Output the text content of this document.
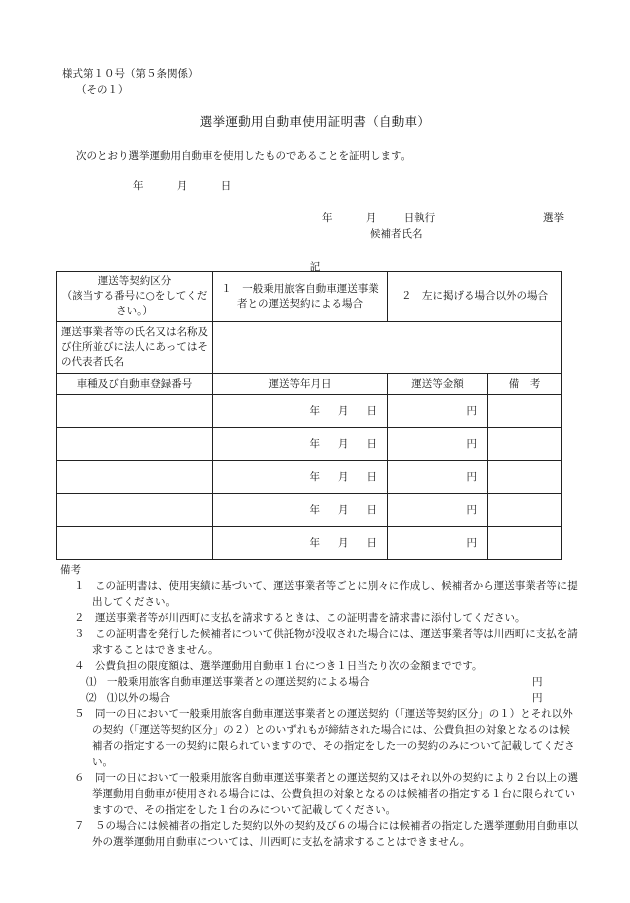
様式第１０号（第５条関係）
（その１）
選挙運動用自動車使用証明書（自動車）
次のとおり選挙運動用自動車を使用したものであることを証明します。
年	月	日
年	月	日執行	選挙
候補者氏名
記
運送等契約区分
（該当する番号に○をしてください。）	１　一般乗用旅客自動車運送事業者との運送契約による場合	２　左に掲げる場合以外の場合	
運送事業者等の氏名又は名称及び住所並びに法人にあってはその代表者氏名			
車種及び自動車登録番号	運送等年月日	運送等金額	備　考
	年 月 日	円	
	年 月 日	円	
	年 月 日	円	
	年 月 日	円	
	年 月 日	円	
備考
１　この証明書は、使用実績に基づいて、運送事業者等ごとに別々に作成し、候補者から運送事業者等に提出してください。
２　運送事業者等が川西町に支払を請求するときは、この証明書を請求書に添付してください。
３　この証明書を発行した候補者について供託物が没収された場合には、運送事業者等は川西町に支払を請求することはできません。
４　公費負担の限度額は、選挙運動用自動車１台につき１日当たり次の金額までです。
⑴　一般乗用旅客自動車運送事業者との運送契約による場合	円
⑵　⑴以外の場合	円
５　同一の日において一般乗用旅客自動車運送事業者との運送契約（「運送等契約区分」の１）とそれ以外の契約（「運送等契約区分」の２）とのいずれもが締結された場合には、公費負担の対象となるのは候補者の指定する一の契約に限られていますので、その指定をした一の契約のみについて記載してください。
６　同一の日において一般乗用旅客自動車運送事業者との運送契約又はそれ以外の契約により２台以上の選挙運動用自動車が使用される場合には、公費負担の対象となるのは候補者の指定する１台に限られていますので、その指定をした１台のみについて記載してください。
７　５の場合には候補者の指定した契約以外の契約及び６の場合には候補者の指定した選挙運動用自動車以外の選挙運動用自動車については、川西町に支払を請求することはできません。
